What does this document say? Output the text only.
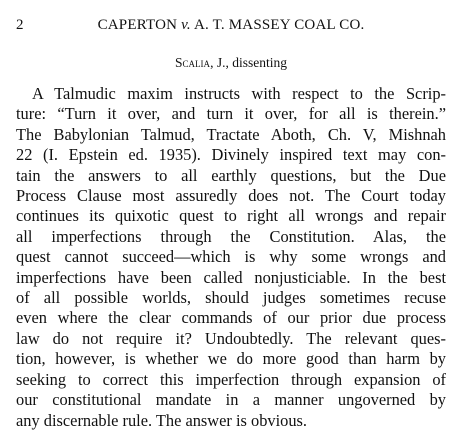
2	CAPERTON v. A. T. MASSEY COAL CO.
Scalia, J., dissenting
A Talmudic maxim instructs with respect to the Scrip-
ture: “Turn it over, and turn it over, for all is therein.”
The Babylonian Talmud, Tractate Aboth, Ch. V, Mishnah
22 (I. Epstein ed. 1935). Divinely inspired text may con-
tain the answers to all earthly questions, but the Due
Process Clause most assuredly does not. The Court today
continues its quixotic quest to right all wrongs and repair
all imperfections through the Constitution. Alas, the
quest cannot succeed—which is why some wrongs and
imperfections have been called nonjusticiable. In the best
of all possible worlds, should judges sometimes recuse
even where the clear commands of our prior due process
law do not require it? Undoubtedly. The relevant ques-
tion, however, is whether we do more good than harm by
seeking to correct this imperfection through expansion of
our constitutional mandate in a manner ungoverned by
any discernable rule. The answer is obvious.
